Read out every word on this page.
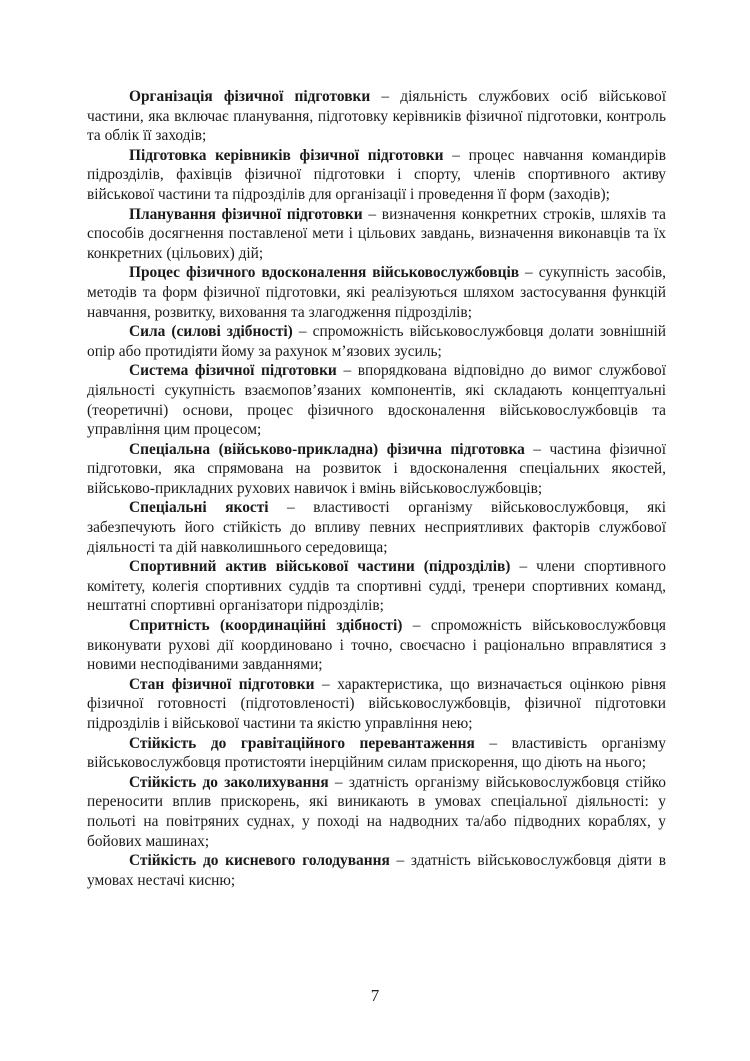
Організація фізичної підготовки – діяльність службових осіб військової частини, яка включає планування, підготовку керівників фізичної підготовки, контроль та облік її заходів;

Підготовка керівників фізичної підготовки – процес навчання командирів підрозділів, фахівців фізичної підготовки і спорту, членів спортивного активу військової частини та підрозділів для організації і проведення її форм (заходів);

Планування фізичної підготовки – визначення конкретних строків, шляхів та способів досягнення поставленої мети і цільових завдань, визначення виконавців та їх конкретних (цільових) дій;

Процес фізичного вдосконалення військовослужбовців – сукупність засобів, методів та форм фізичної підготовки, які реалізуються шляхом застосування функцій навчання, розвитку, виховання та злагодження підрозділів;

Сила (силові здібності) – спроможність військовослужбовця долати зовнішній опір або протидіяти йому за рахунок м’язових зусиль;

Система фізичної підготовки – впорядкована відповідно до вимог службової діяльності сукупність взаємопов’язаних компонентів, які складають концептуальні (теоретичні) основи, процес фізичного вдосконалення військовослужбовців та управління цим процесом;

Спеціальна (військово-прикладна) фізична підготовка – частина фізичної підготовки, яка спрямована на розвиток і вдосконалення спеціальних якостей, військово-прикладних рухових навичок і вмінь військовослужбовців;

Спеціальні якості – властивості організму військовослужбовця, які забезпечують його стійкість до впливу певних несприятливих факторів службової діяльності та дій навколишнього середовища;

Спортивний актив військової частини (підрозділів) – члени спортивного комітету, колегія спортивних суддів та спортивні судді, тренери спортивних команд, нештатні спортивні організатори підрозділів;

Спритність (координаційні здібності) – спроможність військовослужбовця виконувати рухові дії координовано і точно, своєчасно і раціонально вправлятися з новими несподіваними завданнями;

Стан фізичної підготовки – характеристика, що визначається оцінкою рівня фізичної готовності (підготовленості) військовослужбовців, фізичної підготовки підрозділів і військової частини та якістю управління нею;

Стійкість до гравітаційного перевантаження – властивість організму військовослужбовця протистояти інерційним силам прискорення, що діють на нього;

Стійкість до заколихування – здатність організму військовослужбовця стійко переносити вплив прискорень, які виникають в умовах спеціальної діяльності: у польоті на повітряних суднах, у поході на надводних та/або підводних кораблях, у бойових машинах;

Стійкість до кисневого голодування – здатність військовослужбовця діяти в умовах нестачі кисню;

7
